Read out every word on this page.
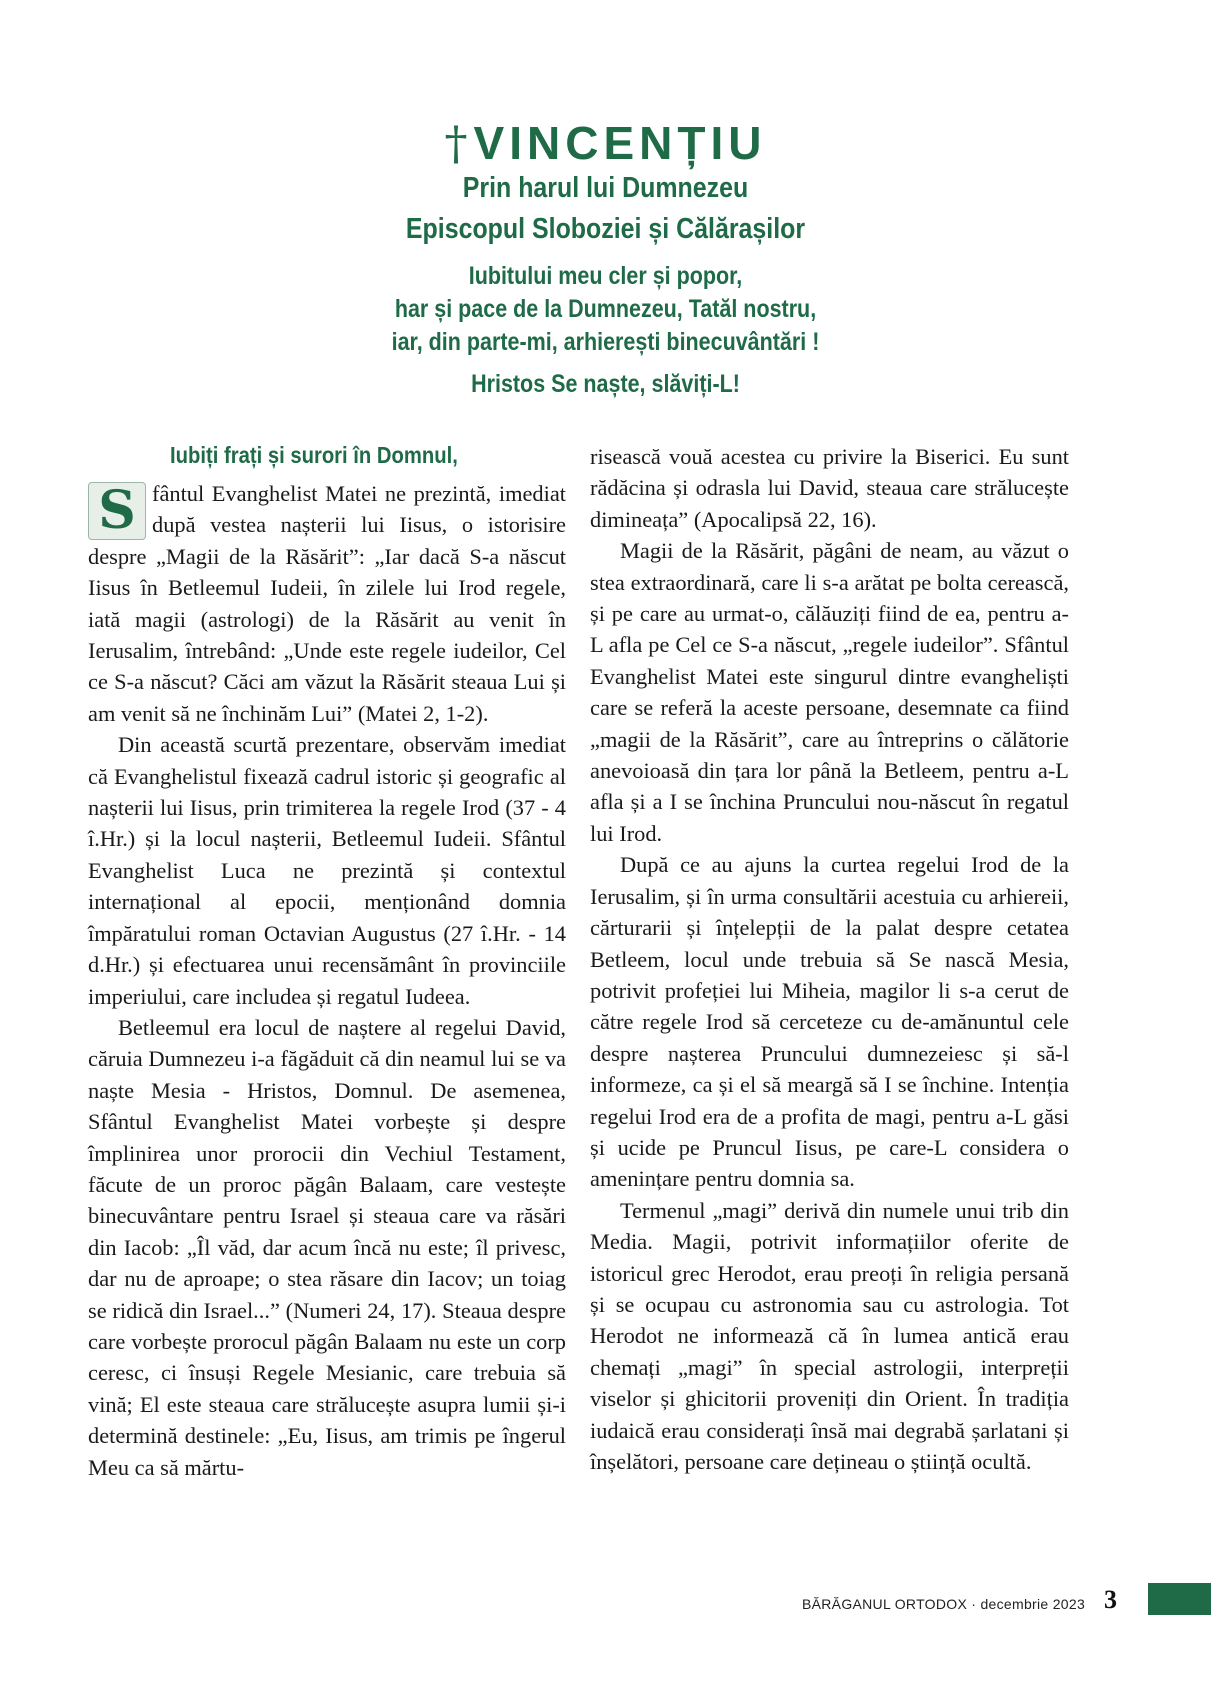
† VINCENȚIU
Prin harul lui Dumnezeu
Episcopul Sloboziei și Călărașilor
Iubitului meu cler și popor,
har și pace de la Dumnezeu, Tatăl nostru,
iar, din parte-mi, arhierești binecuvântări !
Hristos Se naște, slăviți-L!
Iubiți frați și surori în Domnul,

S fântul Evanghelist Matei ne prezintă, imediat după vestea nașterii lui Iisus, o istorisire despre „Magii de la Răsărit”: „Iar dacă S-a născut Iisus în Betleemul Iudeii, în zilele lui Irod regele, iată magii (astrologi) de la Răsărit au venit în Ierusalim, întrebând: „Unde este regele iudeilor, Cel ce S-a născut? Căci am văzut la Răsărit steaua Lui și am venit să ne închinăm Lui” (Matei 2, 1-2).

Din această scurtă prezentare, observăm imediat că Evanghelistul fixează cadrul istoric și geografic al nașterii lui Iisus, prin trimiterea la regele Irod (37 - 4 î.Hr.) și la locul nașterii, Betleemul Iudeii. Sfântul Evanghelist Luca ne prezintă și contextul internațional al epocii, menționând domnia împăratului roman Octavian Augustus (27 î.Hr. - 14 d.Hr.) și efectuarea unui recensământ în provinciile imperiului, care includea și regatul Iudeea.

Betleemul era locul de naștere al regelui David, căruia Dumnezeu i-a făgăduit că din neamul lui se va naște Mesia - Hristos, Domnul. De asemenea, Sfântul Evanghelist Matei vorbește și despre împlinirea unor prorocii din Vechiul Testament, făcute de un proroc păgân Balaam, care vestește binecuvântare pentru Israel și steaua care va răsări din Iacob: „Îl văd, dar acum încă nu este; îl privesc, dar nu de aproape; o stea răsare din Iacov; un toiag se ridică din Israel...” (Numeri 24, 17). Steaua despre care vorbește prorocul păgân Balaam nu este un corp ceresc, ci însuși Regele Mesianic, care trebuia să vină; El este steaua care strălucește asupra lumii și-i determină destinele: „Eu, Iisus, am trimis pe îngerul Meu ca să mărtu-

risească vouă acestea cu privire la Biserici. Eu sunt rădăcina și odrasla lui David, steaua care strălucește dimineața” (Apocalipsă 22, 16).

Magii de la Răsărit, păgâni de neam, au văzut o stea extraordinară, care li s-a arătat pe bolta cerească, și pe care au urmat-o, călăuziți fiind de ea, pentru a-L afla pe Cel ce S-a născut, „regele iudeilor”. Sfântul Evanghelist Matei este singurul dintre evangheliști care se referă la aceste persoane, desemnate ca fiind „magii de la Răsărit”, care au întreprins o călătorie anevoioasă din țara lor până la Betleem, pentru a-L afla și a I se închina Pruncului nou-născut în regatul lui Irod.

După ce au ajuns la curtea regelui Irod de la Ierusalim, și în urma consultării acestuia cu arhiereii, cărturarii și înțelepții de la palat despre cetatea Betleem, locul unde trebuia să Se nască Mesia, potrivit profeției lui Miheia, magilor li s-a cerut de către regele Irod să cerceteze cu de-amănuntul cele despre nașterea Pruncului dumnezeiesc și să-l informeze, ca și el să meargă să I se închine. Intenția regelui Irod era de a profita de magi, pentru a-L găsi și ucide pe Pruncul Iisus, pe care-L considera o amenințare pentru domnia sa.

Termenul „magi” derivă din numele unui trib din Media. Magii, potrivit informațiilor oferite de istoricul grec Herodot, erau preoți în religia persană și se ocupau cu astronomia sau cu astrologia. Tot Herodot ne informează că în lumea antică erau chemați „magi” în special astrologii, interpreții viselor și ghicitorii proveniți din Orient. În tradiția iudaică erau considerați însă mai degrabă șarlatani și înșelători, persoane care dețineau o știință ocultă.

BĂRĂGANUL ORTODOX · decembrie 2023 3
